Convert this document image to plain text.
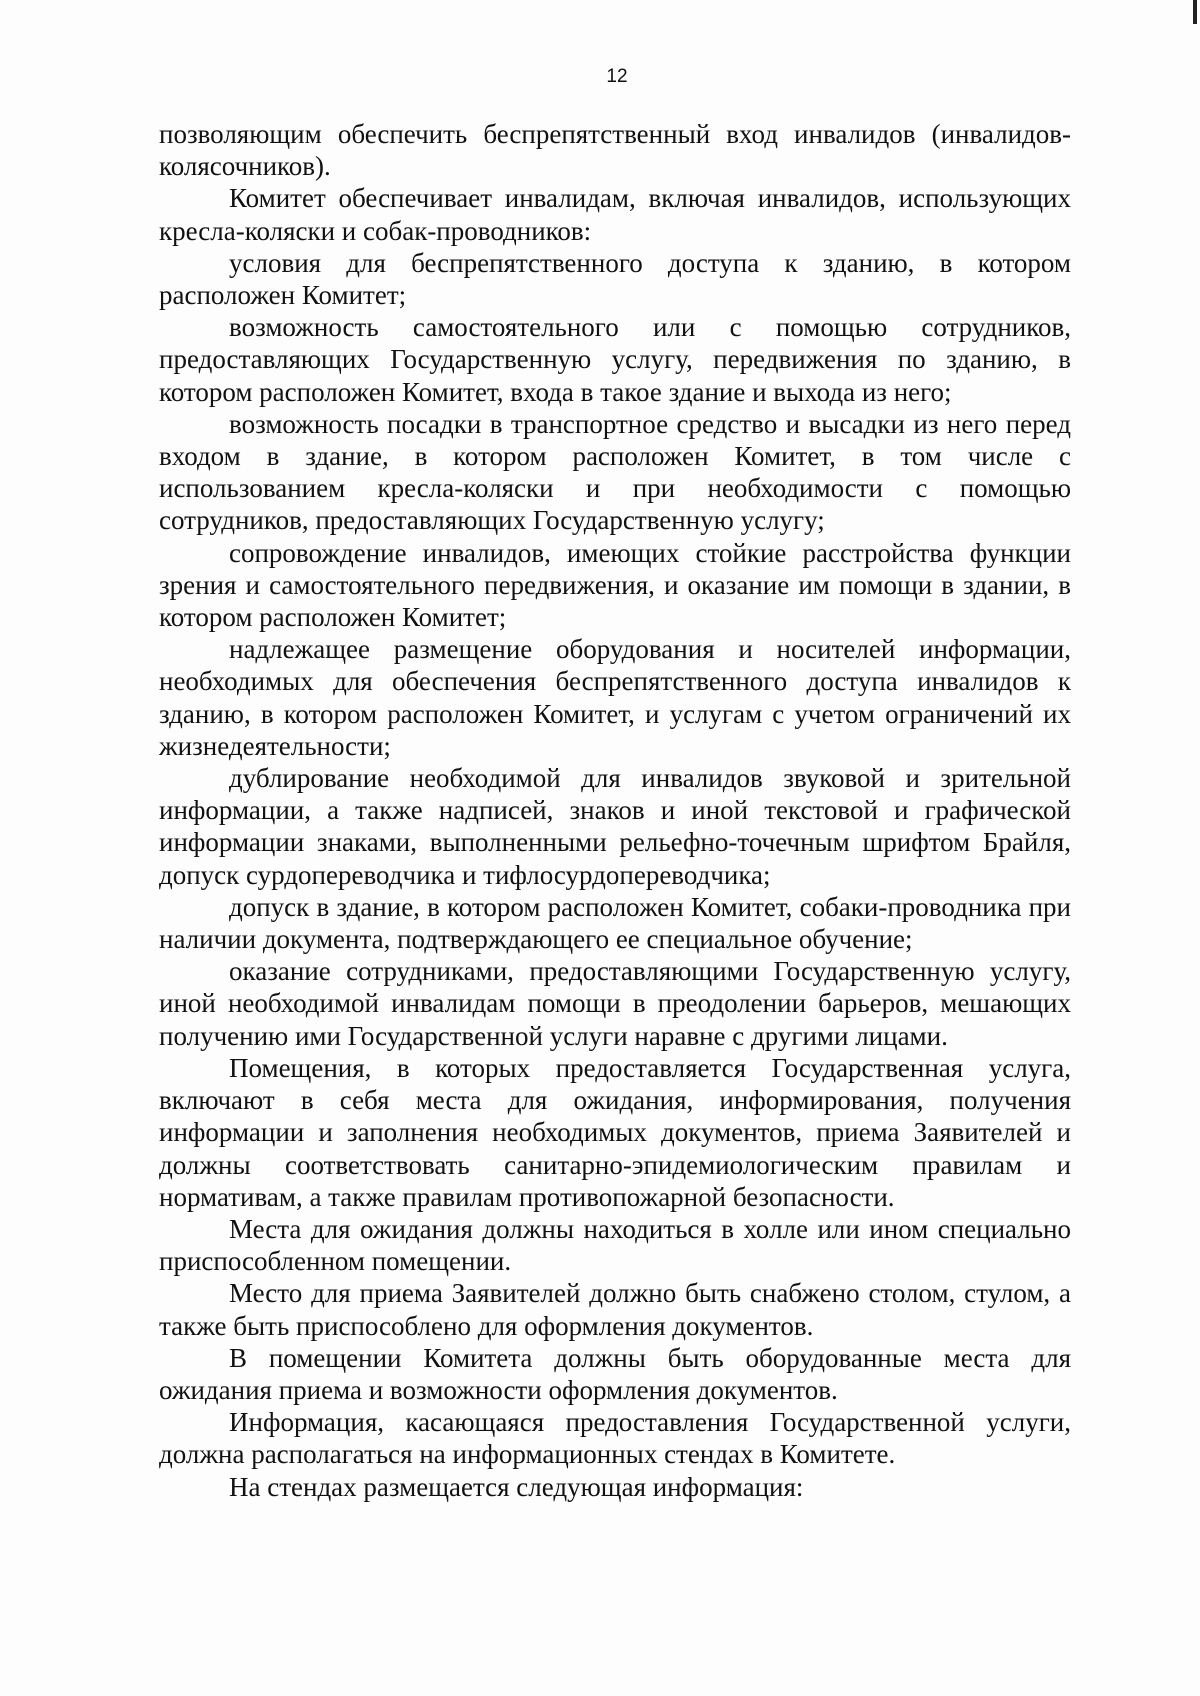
12

позволяющим обеспечить беспрепятственный вход инвалидов (инвалидов-колясочников).

Комитет обеспечивает инвалидам, включая инвалидов, использующих кресла-коляски и собак-проводников:

условия для беспрепятственного доступа к зданию, в котором расположен Комитет;

возможность самостоятельного или с помощью сотрудников, предоставляющих Государственную услугу, передвижения по зданию, в котором расположен Комитет, входа в такое здание и выхода из него;

возможность посадки в транспортное средство и высадки из него перед входом в здание, в котором расположен Комитет, в том числе с использованием кресла-коляски и при необходимости с помощью сотрудников, предоставляющих Государственную услугу;

сопровождение инвалидов, имеющих стойкие расстройства функции зрения и самостоятельного передвижения, и оказание им помощи в здании, в котором расположен Комитет;

надлежащее размещение оборудования и носителей информации, необходимых для обеспечения беспрепятственного доступа инвалидов к зданию, в котором расположен Комитет, и услугам с учетом ограничений их жизнедеятельности;

дублирование необходимой для инвалидов звуковой и зрительной информации, а также надписей, знаков и иной текстовой и графической информации знаками, выполненными рельефно-точечным шрифтом Брайля, допуск сурдопереводчика и тифлосурдопереводчика;

допуск в здание, в котором расположен Комитет, собаки-проводника при наличии документа, подтверждающего ее специальное обучение;

оказание сотрудниками, предоставляющими Государственную услугу, иной необходимой инвалидам помощи в преодолении барьеров, мешающих получению ими Государственной услуги наравне с другими лицами.

Помещения, в которых предоставляется Государственная услуга, включают в себя места для ожидания, информирования, получения информации и заполнения необходимых документов, приема Заявителей и должны соответствовать санитарно-эпидемиологическим правилам и нормативам, а также правилам противопожарной безопасности.

Места для ожидания должны находиться в холле или ином специально приспособленном помещении.

Место для приема Заявителей должно быть снабжено столом, стулом, а также быть приспособлено для оформления документов.

В помещении Комитета должны быть оборудованные места для ожидания приема и возможности оформления документов.

Информация, касающаяся предоставления Государственной услуги, должна располагаться на информационных стендах в Комитете.

На стендах размещается следующая информация:
